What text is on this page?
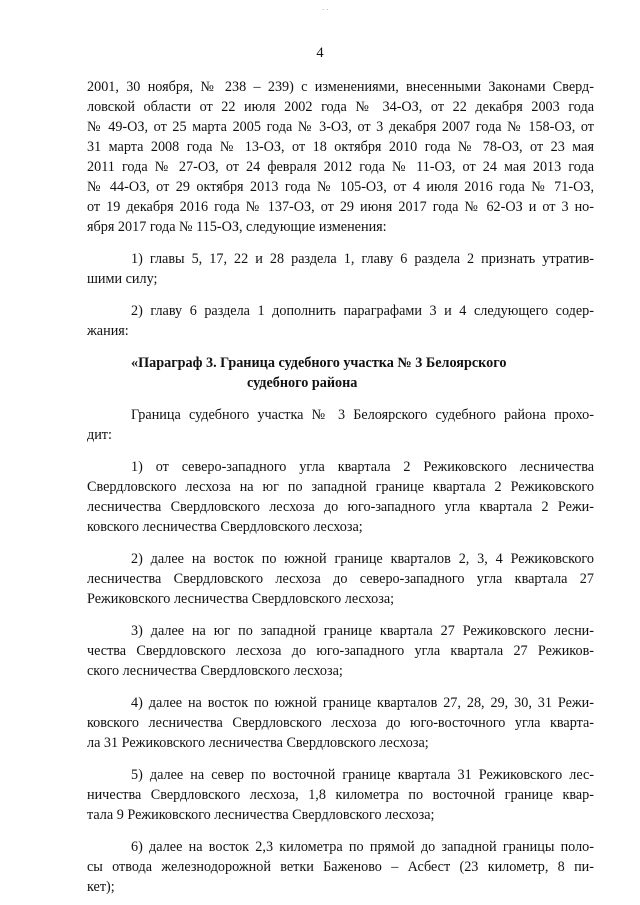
· ·
4
2001, 30 ноября, № 238 – 239) с изменениями, внесенными Законами Сверд-
ловской области от 22 июля 2002 года № 34-ОЗ, от 22 декабря 2003 года
№ 49-ОЗ, от 25 марта 2005 года № 3-ОЗ, от 3 декабря 2007 года № 158-ОЗ, от
31 марта 2008 года № 13-ОЗ, от 18 октября 2010 года № 78-ОЗ, от 23 мая
2011 года № 27-ОЗ, от 24 февраля 2012 года № 11-ОЗ, от 24 мая 2013 года
№ 44-ОЗ, от 29 октября 2013 года № 105-ОЗ, от 4 июля 2016 года № 71-ОЗ,
от 19 декабря 2016 года № 137-ОЗ, от 29 июня 2017 года № 62-ОЗ и от 3 но-
ября 2017 года № 115-ОЗ, следующие изменения:
1) главы 5, 17, 22 и 28 раздела 1, главу 6 раздела 2 признать утратив-
шими силу;
2) главу 6 раздела 1 дополнить параграфами 3 и 4 следующего содер-
жания:
«Параграф 3. Граница судебного участка № 3 Белоярского
судебного района
Граница судебного участка № 3 Белоярского судебного района прохо-
дит:
1) от северо-западного угла квартала 2 Режиковского лесничества
Свердловского лесхоза на юг по западной границе квартала 2 Режиковского
лесничества Свердловского лесхоза до юго-западного угла квартала 2 Режи-
ковского лесничества Свердловского лесхоза;
2) далее на восток по южной границе кварталов 2, 3, 4 Режиковского
лесничества Свердловского лесхоза до северо-западного угла квартала 27
Режиковского лесничества Свердловского лесхоза;
3) далее на юг по западной границе квартала 27 Режиковского лесни-
чества Свердловского лесхоза до юго-западного угла квартала 27 Режиков-
ского лесничества Свердловского лесхоза;
4) далее на восток по южной границе кварталов 27, 28, 29, 30, 31 Режи-
ковского лесничества Свердловского лесхоза до юго-восточного угла кварта-
ла 31 Режиковского лесничества Свердловского лесхоза;
5) далее на север по восточной границе квартала 31 Режиковского лес-
ничества Свердловского лесхоза, 1,8 километра по восточной границе квар-
тала 9 Режиковского лесничества Свердловского лесхоза;
6) далее на восток 2,3 километра по прямой до западной границы поло-
сы отвода железнодорожной ветки Баженово – Асбест (23 километр, 8 пи-
кет);
